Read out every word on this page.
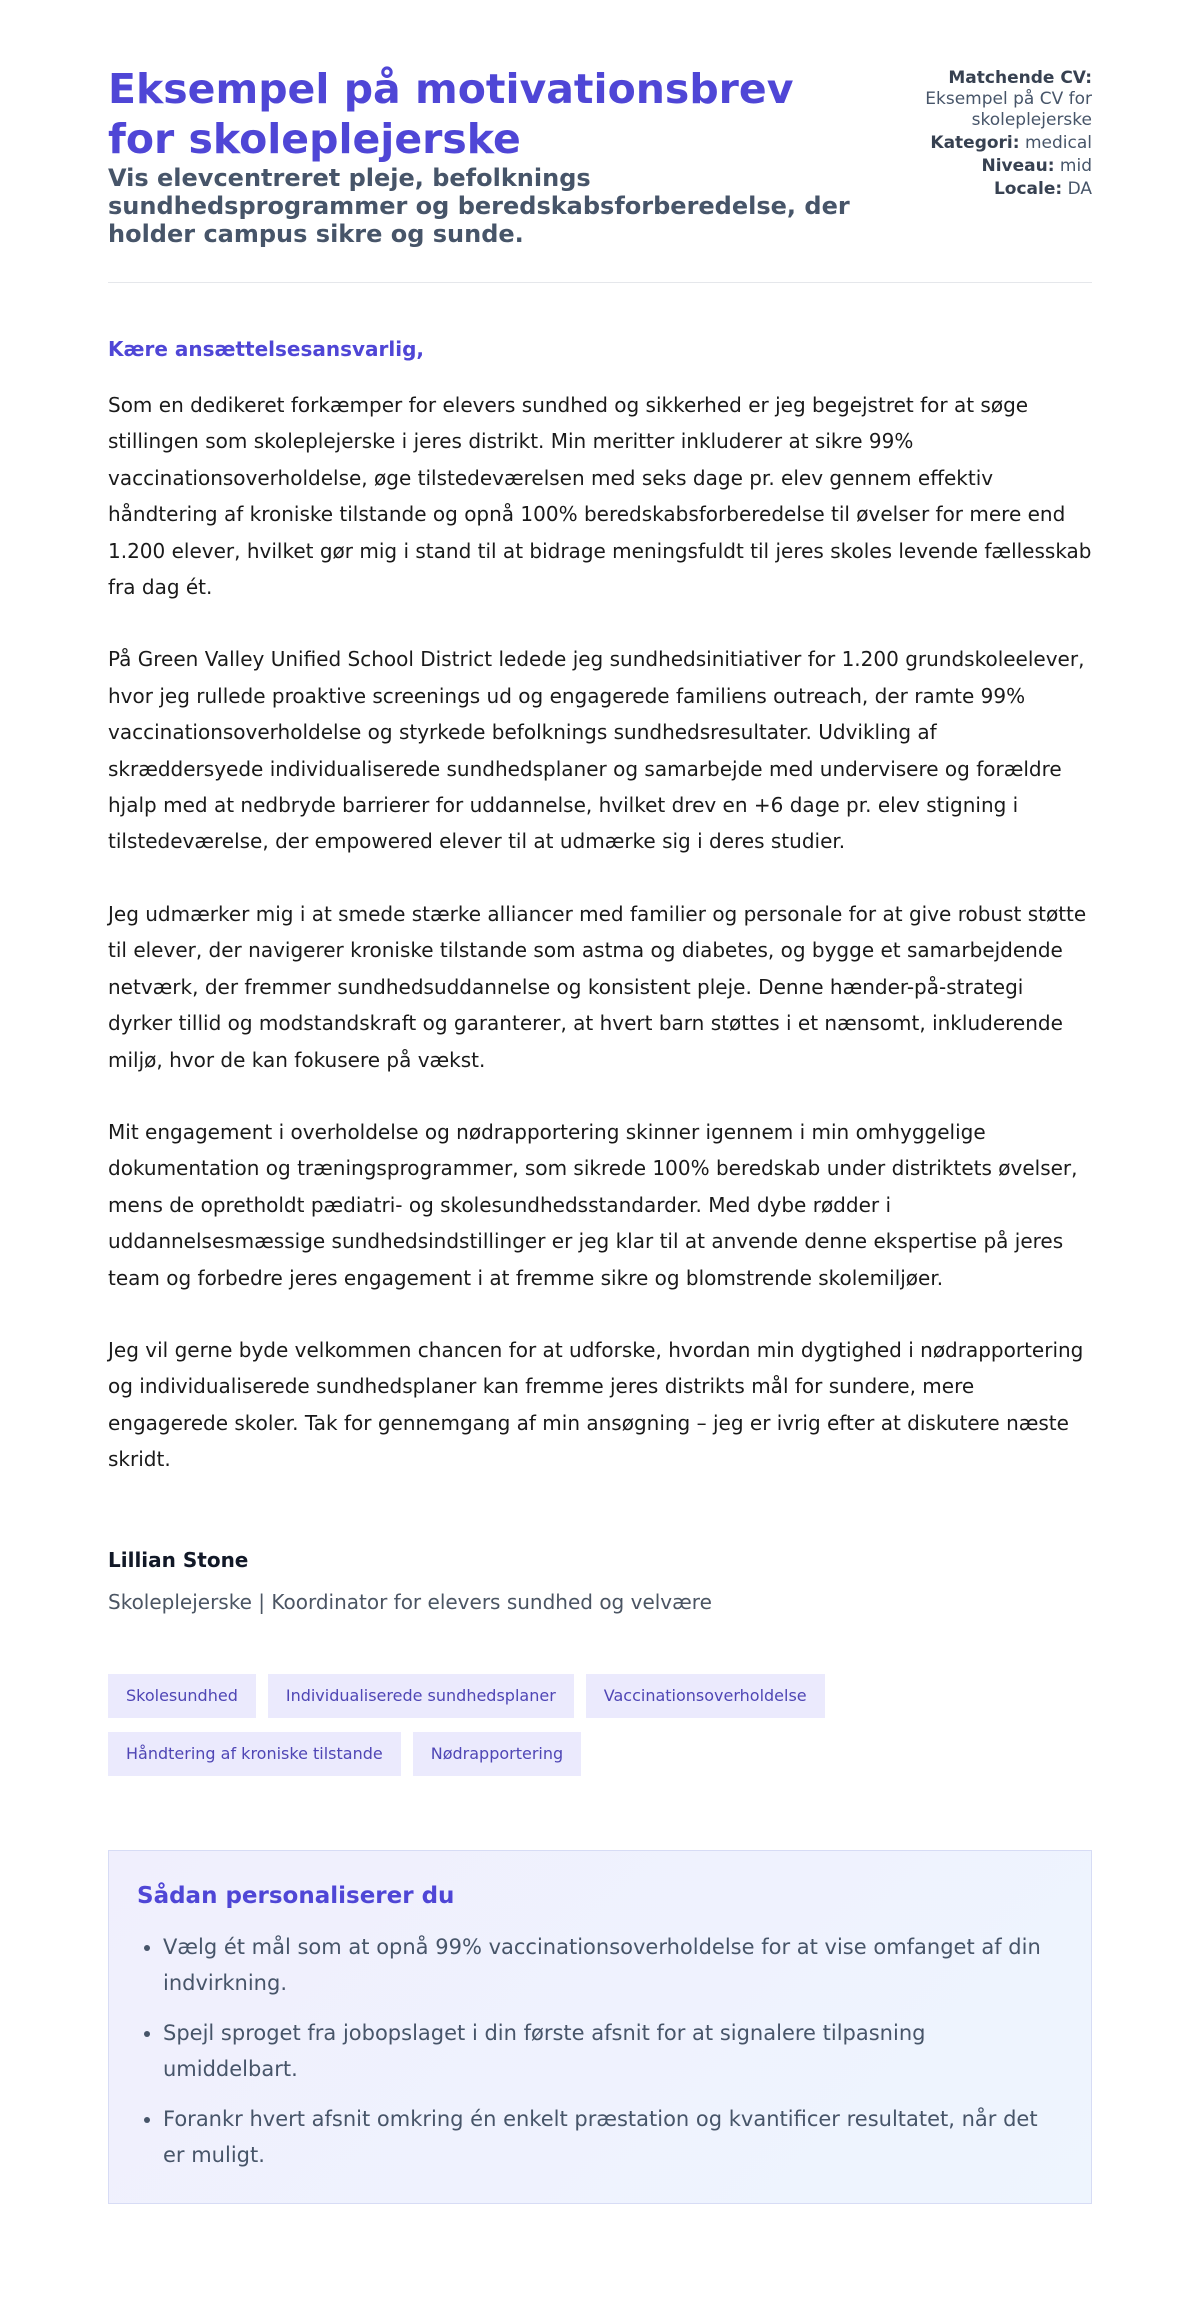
Eksempel på motivationsbrev for skoleplejerske

Vis elevcentreret pleje, befolknings sundhedsprogrammer og beredskabsforberedelse, der holder campus sikre og sunde.

Matchende CV:
Eksempel på CV for skoleplejerske
Kategori: medical
Niveau: mid
Locale: DA

Kære ansættelsesansvarlig,

Som en dedikeret forkæmper for elevers sundhed og sikkerhed er jeg begejstret for at søge stillingen som skoleplejerske i jeres distrikt. Min meritter inkluderer at sikre 99% vaccinationsoverholdelse, øge tilstedeværelsen med seks dage pr. elev gennem effektiv håndtering af kroniske tilstande og opnå 100% beredskabsforberedelse til øvelser for mere end 1.200 elever, hvilket gør mig i stand til at bidrage meningsfuldt til jeres skoles levende fællesskab fra dag ét.

På Green Valley Unified School District ledede jeg sundhedsinitiativer for 1.200 grundskoleelever, hvor jeg rullede proaktive screenings ud og engagerede familiens outreach, der ramte 99% vaccinationsoverholdelse og styrkede befolknings sundhedsresultater. Udvikling af skræddersyede individualiserede sundhedsplaner og samarbejde med undervisere og forældre hjalp med at nedbryde barrierer for uddannelse, hvilket drev en +6 dage pr. elev stigning i tilstedeværelse, der empowered elever til at udmærke sig i deres studier.

Jeg udmærker mig i at smede stærke alliancer med familier og personale for at give robust støtte til elever, der navigerer kroniske tilstande som astma og diabetes, og bygge et samarbejdende netværk, der fremmer sundhedsuddannelse og konsistent pleje. Denne hænder-på-strategi dyrker tillid og modstandskraft og garanterer, at hvert barn støttes i et nænsomt, inkluderende miljø, hvor de kan fokusere på vækst.

Mit engagement i overholdelse og nødrapportering skinner igennem i min omhyggelige dokumentation og træningsprogrammer, som sikrede 100% beredskab under distriktets øvelser, mens de opretholdt pædiatri- og skolesundhedsstandarder. Med dybe rødder i uddannelsesmæssige sundhedsindstillinger er jeg klar til at anvende denne ekspertise på jeres team og forbedre jeres engagement i at fremme sikre og blomstrende skolemiljøer.

Jeg vil gerne byde velkommen chancen for at udforske, hvordan min dygtighed i nødrapportering og individualiserede sundhedsplaner kan fremme jeres distrikts mål for sundere, mere engagerede skoler. Tak for gennemgang af min ansøgning – jeg er ivrig efter at diskutere næste skridt.

Lillian Stone
Skoleplejerske | Koordinator for elevers sundhed og velvære
Skolesundhed	Individualiserede sundhedsplaner	Vaccinationsoverholdelse
Håndtering af kroniske tilstande	Nødrapportering
Sådan personaliserer du
• Vælg ét mål som at opnå 99% vaccinationsoverholdelse for at vise omfanget af din indvirkning.
• Spejl sproget fra jobopslaget i din første afsnit for at signalere tilpasning umiddelbart.
• Forankr hvert afsnit omkring én enkelt præstation og kvantificer resultatet, når det er muligt.
